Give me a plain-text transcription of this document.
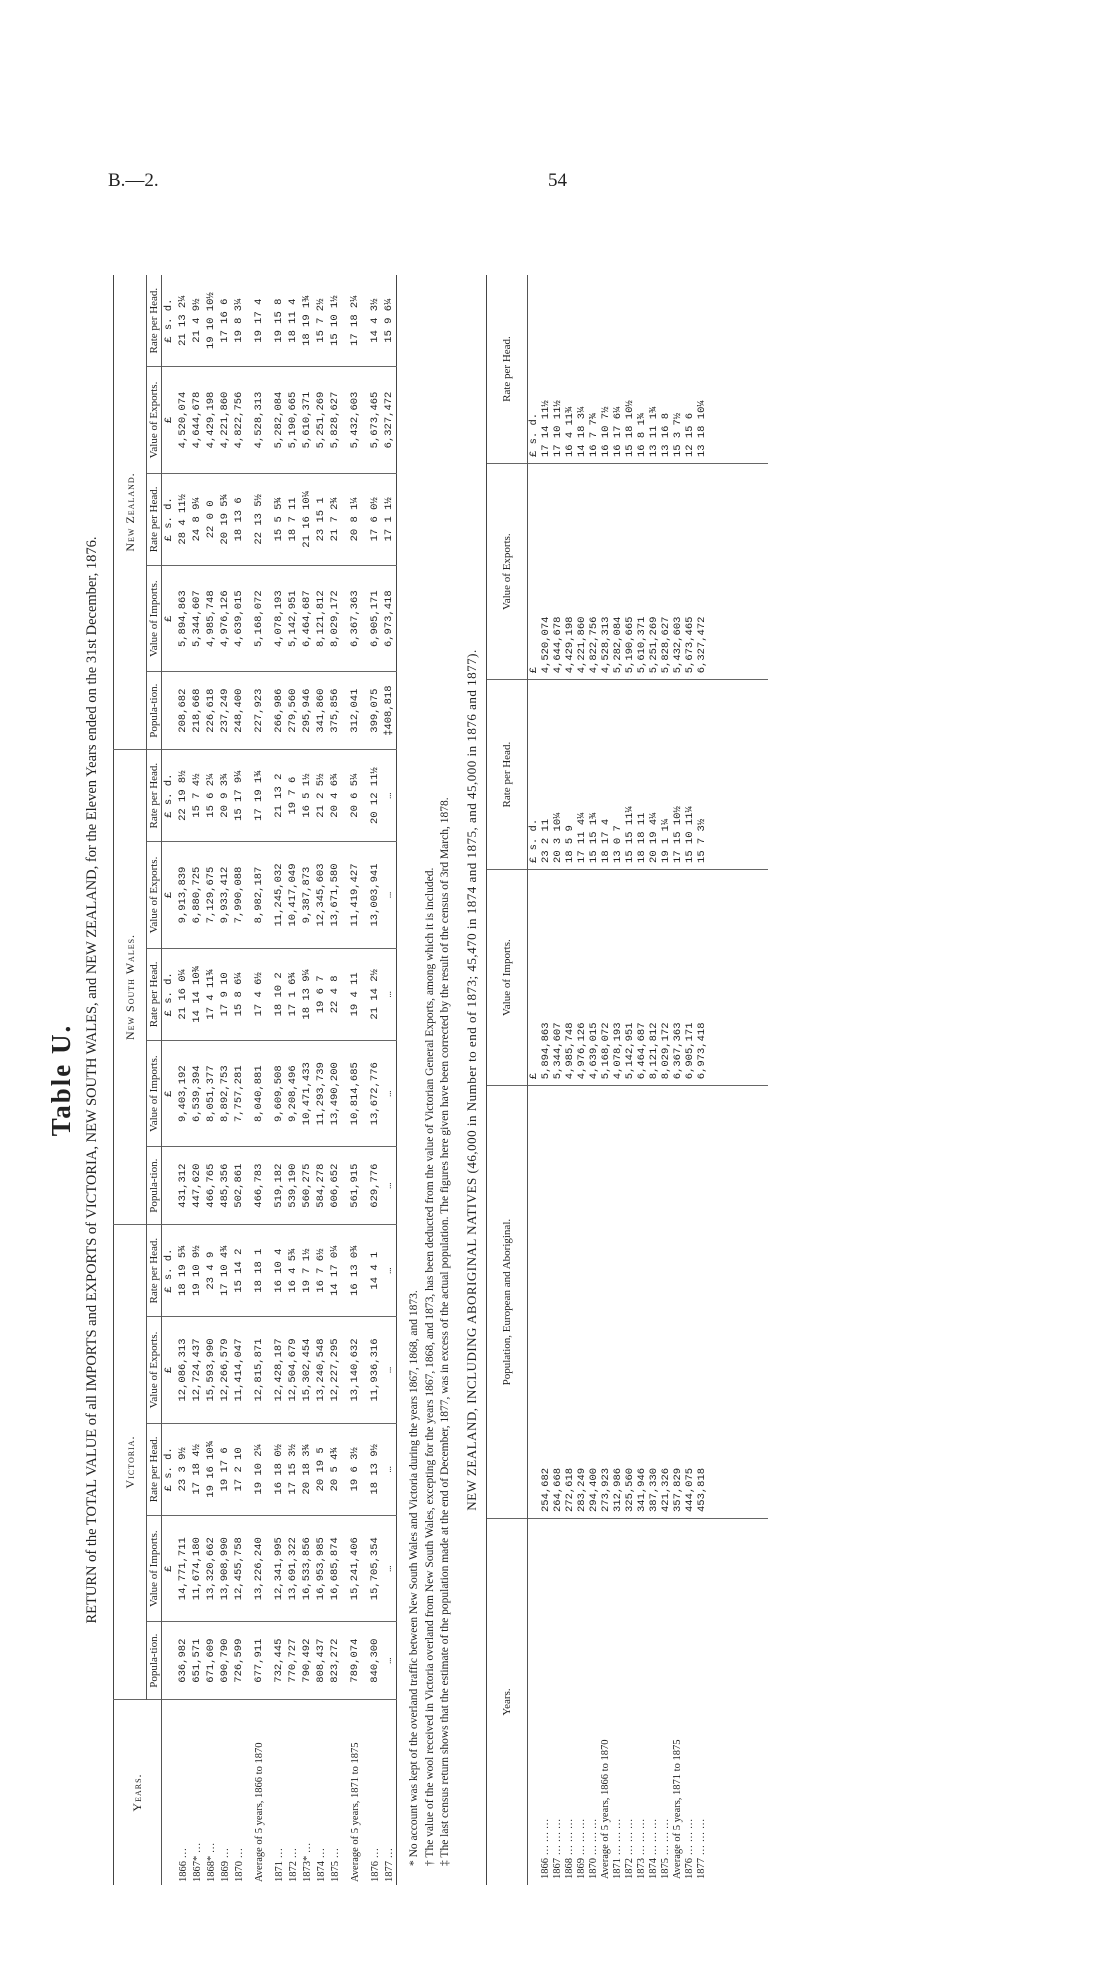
B.—2.	54
Table U. RETURN of the TOTAL VALUE of all IMPORTS and EXPORTS of VICTORIA, NEW SOUTH WALES, and NEW ZEALAND, for the Eleven Years ended on the 31st December, 1876.
Years.	Victoria.					New South Wales.					New Zealand.				
	Popula-tion.	Value of Imports.	Rate per Head.	Value of Exports.	Rate per Head.	Popula-tion.	Value of Imports.	Rate per Head.	Value of Exports.	Rate per Head.	Popula-tion.	Value of Imports.	Rate per Head.	Value of Exports.	Rate per Head.
		£	£ s. d.	£	£ s. d.		£	£ s. d.	£	£ s. d.		£	£ s. d.	£	£ s. d.
1866 …	636,982	14,771,711	23 3 9½	12,086,313	18 19 5¾	431,312	9,403,192	21 16 0¼	9,913,839	22 19 8½	208,682	5,894,863	28 4 11½	4,520,074	21 13 2¼
1867* …	651,571	11,674,180	17 18 4½	12,724,437	19 10 9½	447,620	6,539,394	14 14 10¾	6,880,725	15 7 4½	218,668	5,344,607	24 8 9¼	4,644,678	21 4 9½
1868* …	671,609	13,320,662	19 16 10¾	15,593,990	23 4 9	466,765	8,051,377	17 4 11¾	7,129,675	15 6 2¼	226,618	4,985,748	22 0 0	4,429,198	19 10 10½
1869 …	690,790	13,908,990	19 17 6	12,266,579	17 10 4¾	485,356	8,892,753	17 9 10	9,933,412	20 9 3¾	237,249	4,976,126	20 19 5¾	4,221,860	17 16 6
1870 …	726,599	12,455,758	17 2 10	11,414,047	15 14 2	502,861	7,757,281	15 8 6¼	7,990,088	15 17 9¼	248,400	4,639,015	18 13 6	4,822,756	19 8 3¼
Average of 5 years, 1866 to 1870	677,911	13,226,240	19 10 2¼	12,815,871	18 18 1	466,783	8,040,881	17 4 6½	8,982,187	17 19 1¾	227,923	5,168,072	22 13 5½	4,528,313	19 17 4
1871 …	732,445	12,341,995	16 18 0½	12,428,187	16 10 4	519,182	9,609,508	18 10 2	11,245,032	21 13 2	266,986	4,078,193	15 5 5¾	5,282,084	19 15 8
1872 …	770,727	13,691,322	17 15 3½	12,504,679	16 4 5¾	539,190	9,208,496	17 1 6¾	10,417,049	19 7 6	279,560	5,142,951	18 7 11	5,190,665	18 11 4
1873* …	790,492	16,533,856	20 18 3¾	15,302,454	19 7 1½	560,275	10,471,433	18 13 9¼	9,387,873	16 5 1½	295,946	6,464,687	21 16 10¼	5,610,371	18 19 1¾
1874 …	808,437	16,953,985	20 19 5	13,240,548	16 7 6½	584,278	11,293,739	19 6 7	12,345,603	21 2 5½	341,860	8,121,812	23 15 1	5,251,269	15 7 2½
1875 …	823,272	16,685,874	20 5 4¾	12,227,295	14 17 0¼	606,652	13,490,200	22 4 8	13,671,580	20 4 6¾	375,856	8,029,172	21 7 2¾	5,828,627	15 10 1½
Average of 5 years, 1871 to 1875	789,074	15,241,406	19 6 3½	13,140,632	16 13 0¾	561,915	10,814,685	19 4 11	11,419,427	20 6 5¼	312,041	6,367,363	20 8 1¼	5,432,603	17 18 2¼
1876 …	840,300	15,705,354	18 13 9½	11,936,316	14 4 1	629,776	13,672,776	21 14 2½	13,003,941	20 12 11½	399,075	6,905,171	17 6 0½	5,673,465	14 4 3½
1877 …	…	…	…	…	…	…	…	…	…	…	‡408,818	6,973,418	17 1 1½	6,327,472	15 9 6¼

* No account was kept of the overland traffic between New South Wales and Victoria during the years 1867, 1868, and 1873. † The value of the wool received in Victoria overland from New South Wales, excepting for the years 1867, 1868, and 1873, has been deducted from the value of Victorian General Exports, among which it is included. ‡ The last census return shows that the estimate of the population made at the end of December, 1877, was in excess of the actual population. The figures here given have been corrected by the result of the census of 3rd March, 1878. NEW ZEALAND, INCLUDING ABORIGINAL NATIVES (46,000 in Number to end of 1873; 45,470 in 1874 and 1875, and 45,000 in 1876 and 1877).
Years.	Population, European and Aboriginal.	Value of Imports.	Rate per Head.	Value of Exports.	Rate per Head.
		£	£ s. d.	£	£ s. d.
1866 … … …	254,682	5,894,863	23 2 11	4,520,074	17 14 11½
1867 … … …	264,668	5,344,607	20 3 10¼	4,644,678	17 10 11½
1868 … … …	272,618	4,985,748	18 5 9	4,429,198	16 4 11¾
1869 … … …	283,249	4,976,126	17 11 4¼	4,221,860	14 18 3¼
1870 … … …	294,400	4,639,015	15 15 1¾	4,822,756	16 7 7¾
Average of 5 years, 1866 to 1870	273,923	5,168,072	18 17 4	4,528,313	16 10 7½
1871 … … …	312,986	4,078,193	13 0 7	5,282,084	16 17 6¼
1872 … … …	325,560	5,142,951	15 15 11¼	5,190,665	15 18 10½
1873 … … …	341,946	6,464,687	18 18 11	5,610,371	16 8 1¾
1874 … … …	387,330	8,121,812	20 19 4¼	5,251,269	13 11 1¾
1875 … … …	421,326	8,029,172	19 1 1¼	5,828,627	13 16 8
Average of 5 years, 1871 to 1875	357,829	6,367,363	17 15 10½	5,432,603	15 3 7½
1876 … … …	444,075	6,905,171	15 10 11¼	5,673,465	12 15 6
1877 … … …	453,818	6,973,418	15 7 3½	6,327,472	13 18 10¼
